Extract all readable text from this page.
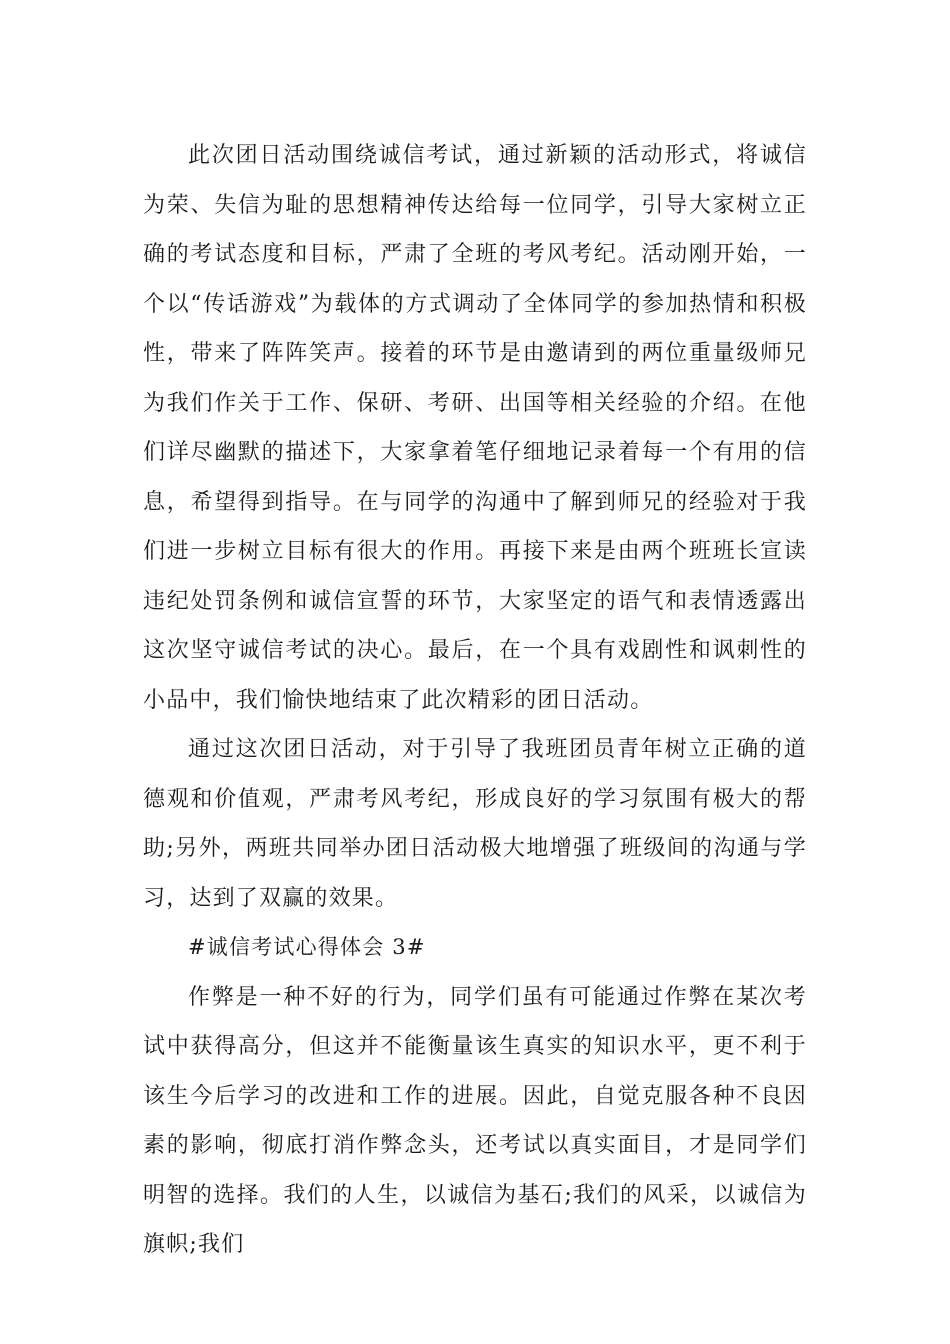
此次团日活动围绕诚信考试，通过新颖的活动形式，将诚信为荣、失信为耻的思想精神传达给每一位同学，引导大家树立正确的考试态度和目标，严肃了全班的考风考纪。活动刚开始，一个以“传话游戏”为载体的方式调动了全体同学的参加热情和积极性，带来了阵阵笑声。接着的环节是由邀请到的两位重量级师兄为我们作关于工作、保研、考研、出国等相关经验的介绍。在他们详尽幽默的描述下，大家拿着笔仔细地记录着每一个有用的信息，希望得到指导。在与同学的沟通中了解到师兄的经验对于我们进一步树立目标有很大的作用。再接下来是由两个班班长宣读违纪处罚条例和诚信宣誓的环节，大家坚定的语气和表情透露出这次坚守诚信考试的决心。最后，在一个具有戏剧性和讽刺性的小品中，我们愉快地结束了此次精彩的团日活动。

通过这次团日活动，对于引导了我班团员青年树立正确的道德观和价值观，严肃考风考纪，形成良好的学习氛围有极大的帮助;另外，两班共同举办团日活动极大地增强了班级间的沟通与学习，达到了双赢的效果。

#诚信考试心得体会 3#

作弊是一种不好的行为，同学们虽有可能通过作弊在某次考试中获得高分，但这并不能衡量该生真实的知识水平，更不利于该生今后学习的改进和工作的进展。因此，自觉克服各种不良因素的影响，彻底打消作弊念头，还考试以真实面目，才是同学们明智的选择。我们的人生，以诚信为基石;我们的风采，以诚信为旗帜;我们
